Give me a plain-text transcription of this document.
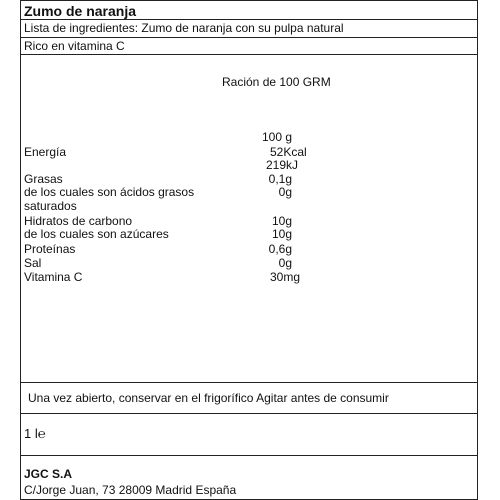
Zumo de naranja
Lista de ingredientes: Zumo de naranja con su pulpa natural
Rico en vitamina C
Ración de 100 GRM
100 g
Energía	52Kcal
219kJ
Grasas	0,1g
de los cuales son ácidos grasos	0g
saturados
Hidratos de carbono	10g
de los cuales son azúcares	10g
Proteínas	0,6g
Sal	0g
Vitamina C	30mg
Una vez abierto, conservar en el frigorífico Agitar antes de consumir
1 l℮
JGC S.A
C/Jorge Juan, 73 28009 Madrid España
